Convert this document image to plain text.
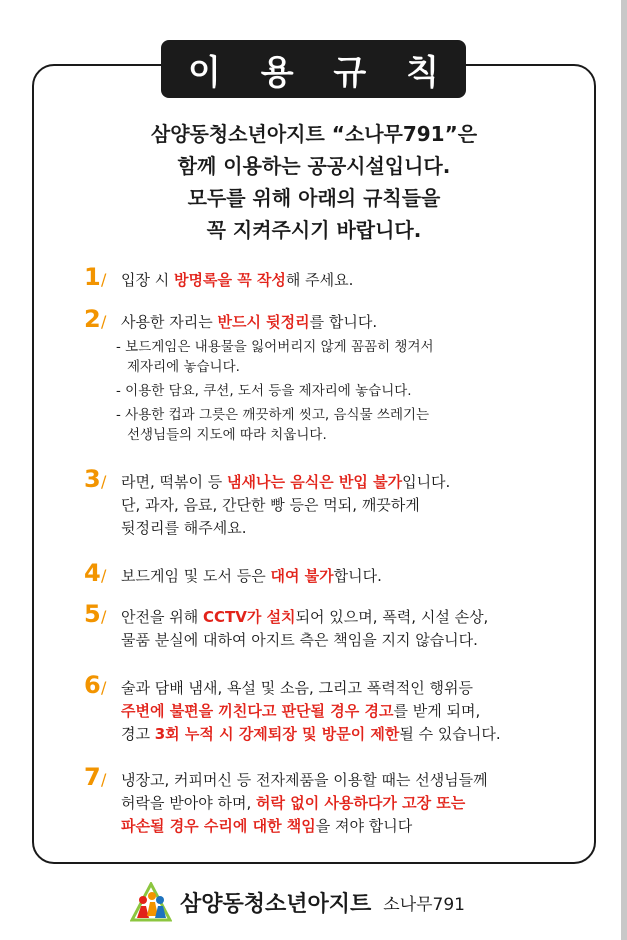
이 용 규 칙
삼양동청소년아지트 “소나무791”은
함께 이용하는 공공시설입니다.
모두를 위해 아래의 규칙들을
꼭 지켜주시기 바랍니다.
1 / 입장 시 방명록을 꼭 작성해 주세요.
2 / 사용한 자리는 반드시 뒷정리를 합니다.
- 보드게임은 내용물을 잃어버리지 않게 꼼꼼히 챙겨서
제자리에 놓습니다.
- 이용한 담요, 쿠션, 도서 등을 제자리에 놓습니다.
- 사용한 컵과 그릇은 깨끗하게 씻고, 음식물 쓰레기는
선생님들의 지도에 따라 치웁니다.
3 / 라면, 떡볶이 등 냄새나는 음식은 반입 불가입니다.
단, 과자, 음료, 간단한 빵 등은 먹되, 깨끗하게
뒷정리를 해주세요.
4 / 보드게임 및 도서 등은 대여 불가합니다.
5 / 안전을 위해 CCTV가 설치되어 있으며, 폭력, 시설 손상,
물품 분실에 대하여 아지트 측은 책임을 지지 않습니다.
6 / 술과 담배 냄새, 욕설 및 소음, 그리고 폭력적인 행위등
주변에 불편을 끼친다고 판단될 경우 경고를 받게 되며,
경고 3회 누적 시 강제퇴장 및 방문이 제한될 수 있습니다.
7 / 냉장고, 커피머신 등 전자제품을 이용할 때는 선생님들께
허락을 받아야 하며, 허락 없이 사용하다가 고장 또는
파손될 경우 수리에 대한 책임을 져야 합니다
삼양동청소년아지트 소나무791
